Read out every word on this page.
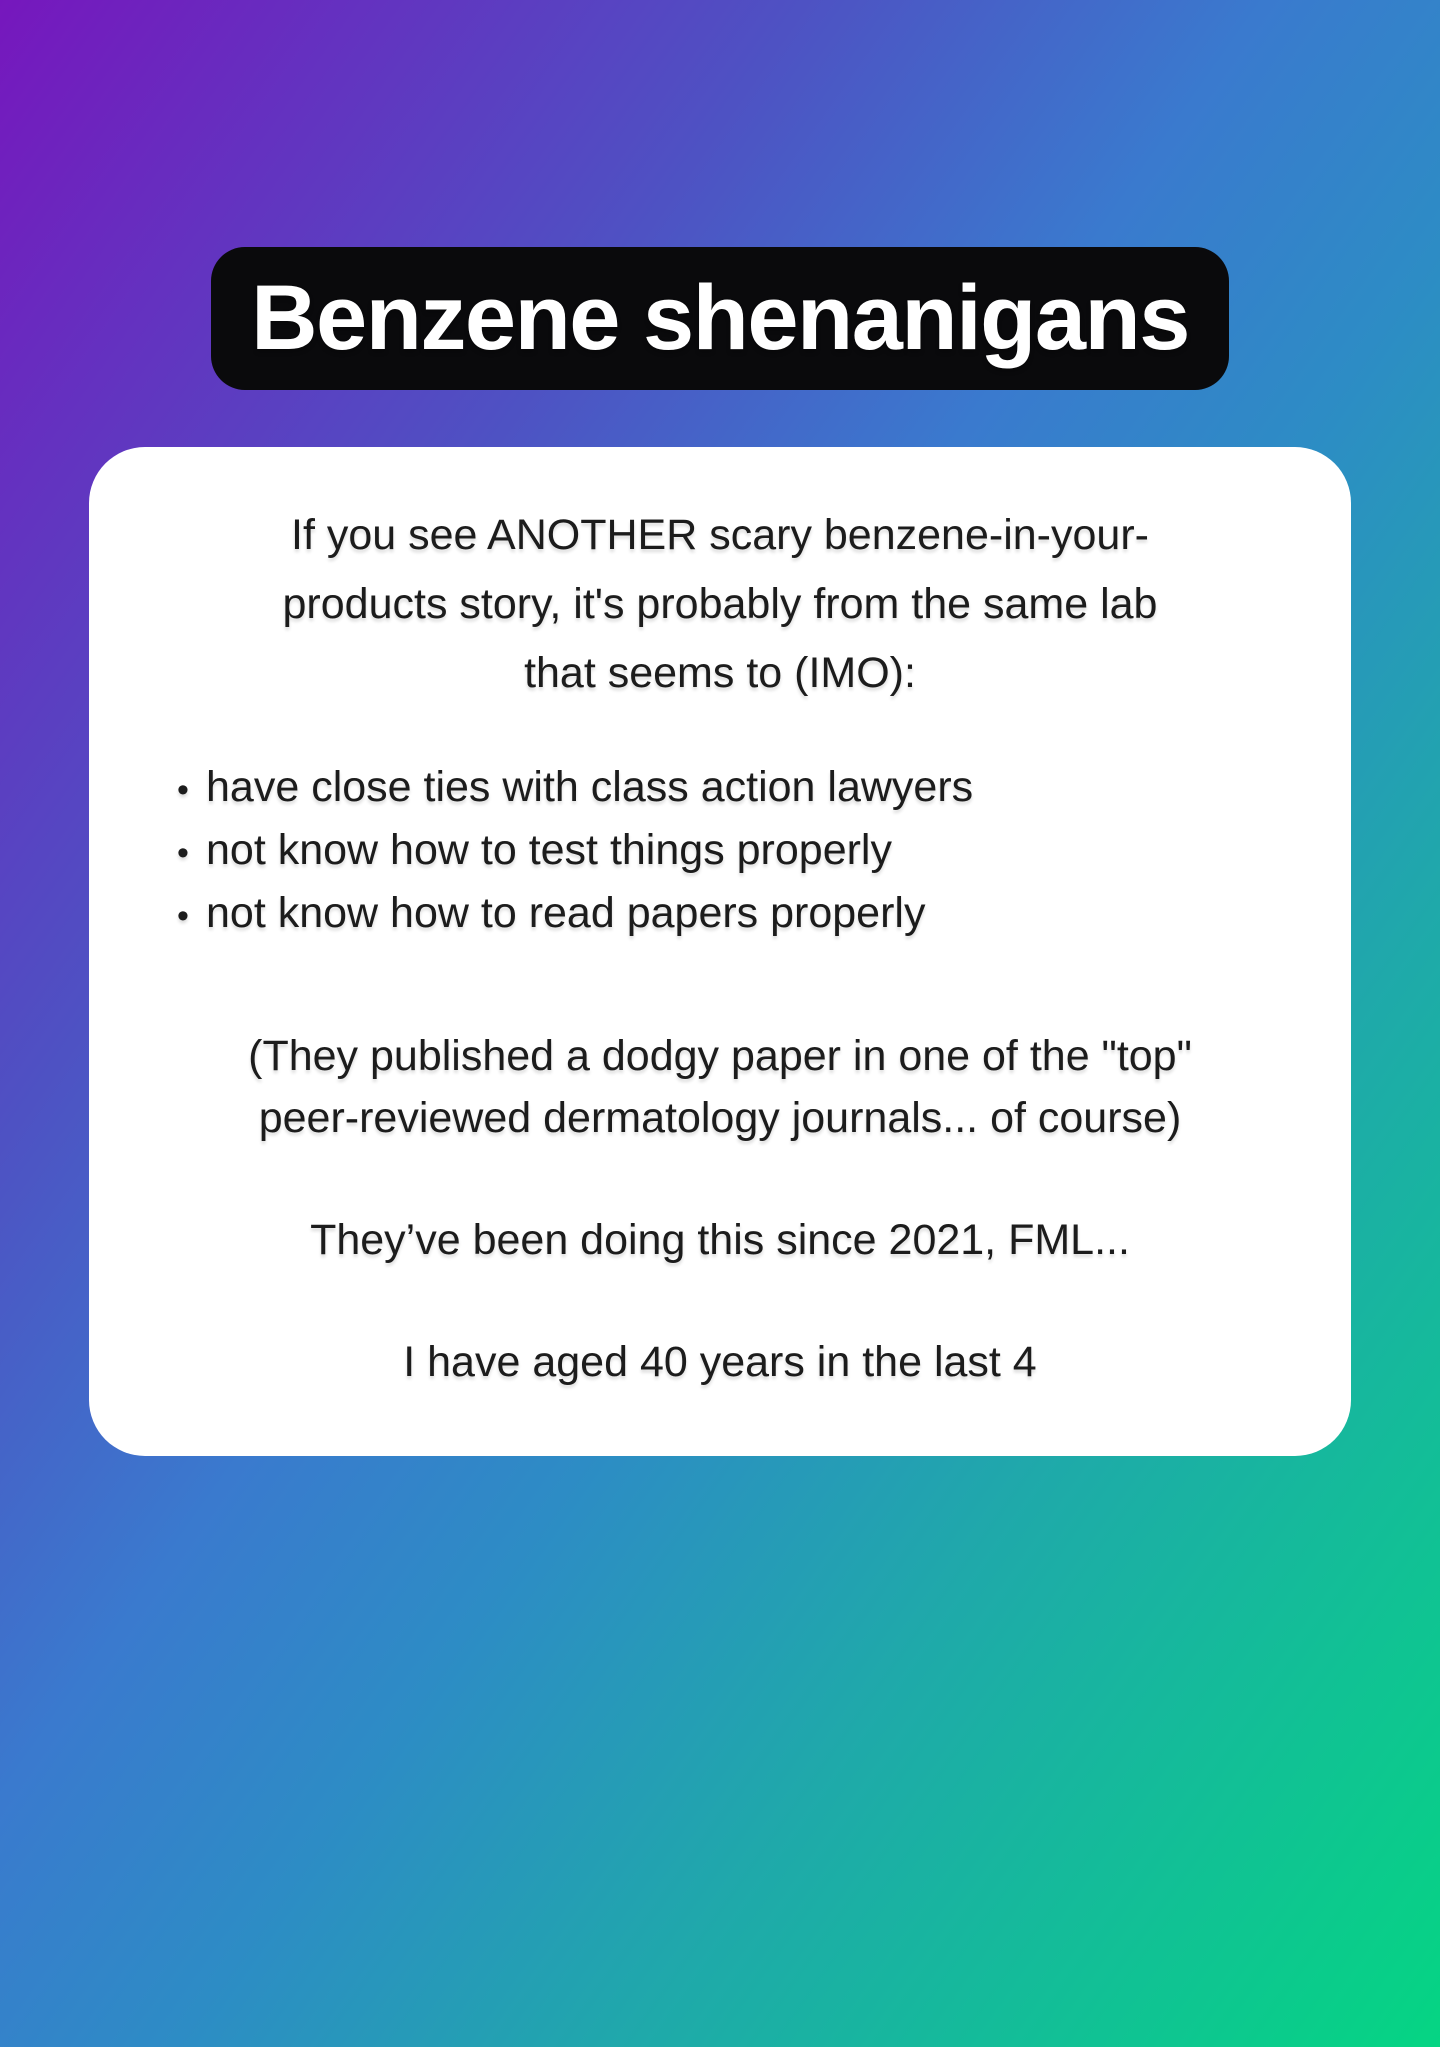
Benzene shenanigans
If you see ANOTHER scary benzene-in-your-
products story, it's probably from the same lab
that seems to (IMO):
• have close ties with class action lawyers
• not know how to test things properly
• not know how to read papers properly
(They published a dodgy paper in one of the "top"
peer-reviewed dermatology journals... of course)
They’ve been doing this since 2021, FML...
I have aged 40 years in the last 4
